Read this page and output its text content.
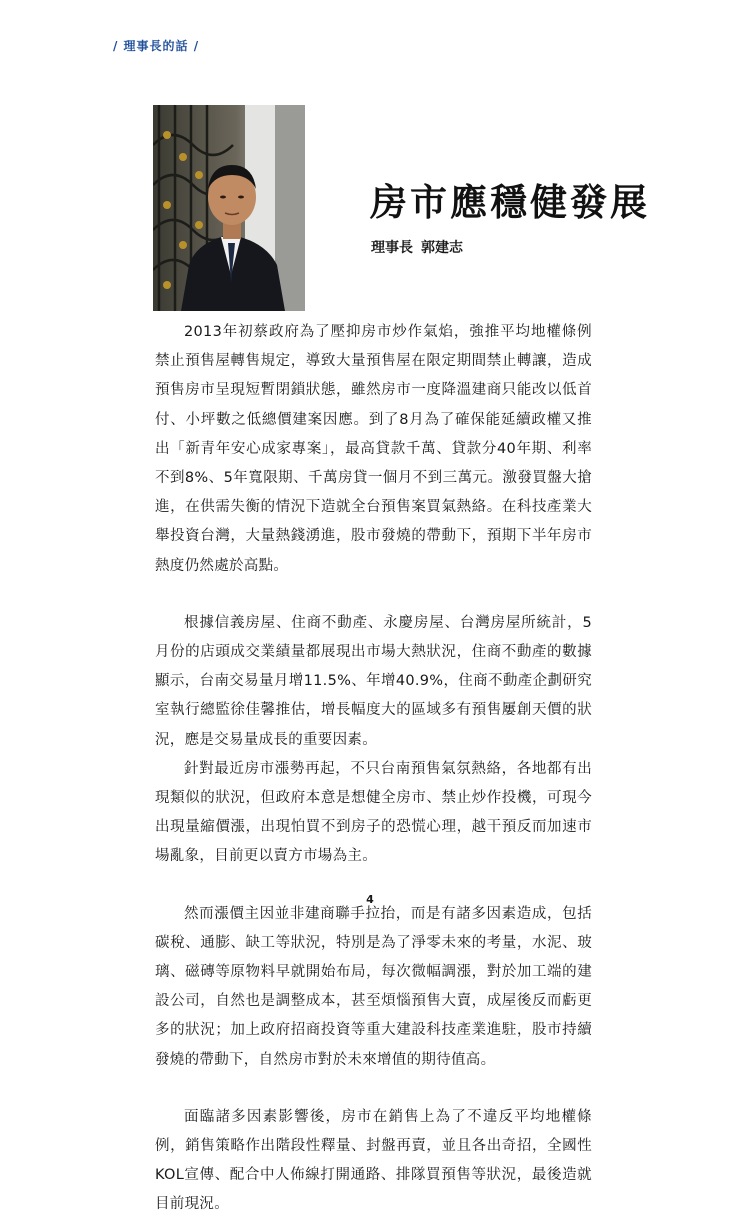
/ 理事長的話 /
房市應穩健發展
理事長 郭建志

2013年初蔡政府為了壓抑房市炒作氣焰，強推平均地權條例禁止預售屋轉售規定，導致大量預售屋在限定期間禁止轉讓，造成預售房市呈現短暫閉鎖狀態，雖然房市一度降溫建商只能改以低首付、小坪數之低總價建案因應。到了8月為了確保能延續政權又推出「新青年安心成家專案」，最高貸款千萬、貸款分40年期、利率不到8%、5年寬限期、千萬房貸一個月不到三萬元。激發買盤大搶進，在供需失衡的情況下造就全台預售案買氣熱絡。在科技產業大舉投資台灣，大量熱錢湧進，股市發燒的帶動下，預期下半年房市熱度仍然處於高點。

根據信義房屋、住商不動產、永慶房屋、台灣房屋所統計，5月份的店頭成交業績量都展現出市場大熱狀況，住商不動產的數據顯示，台南交易量月增11.5%、年增40.9%，住商不動產企劃研究室執行總監徐佳馨推估，增長幅度大的區域多有預售屢創天價的狀況，應是交易量成長的重要因素。

針對最近房市漲勢再起，不只台南預售氣氛熱絡，各地都有出現類似的狀況，但政府本意是想健全房市、禁止炒作投機，可現今出現量縮價漲，出現怕買不到房子的恐慌心理，越干預反而加速市場亂象，目前更以賣方市場為主。

然而漲價主因並非建商聯手拉抬，而是有諸多因素造成，包括碳稅、通膨、缺工等狀況，特別是為了淨零未來的考量，水泥、玻璃、磁磚等原物料早就開始布局，每次微幅調漲，對於加工端的建設公司，自然也是調整成本，甚至煩惱預售大賣，成屋後反而虧更多的狀況；加上政府招商投資等重大建設科技產業進駐，股市持續發燒的帶動下，自然房市對於未來增值的期待值高。

面臨諸多因素影響後，房市在銷售上為了不違反平均地權條例，銷售策略作出階段性釋量、封盤再賣，並且各出奇招，全國性KOL宣傳、配合中人佈線打開通路、排隊買預售等狀況，最後造就目前現況。

4
